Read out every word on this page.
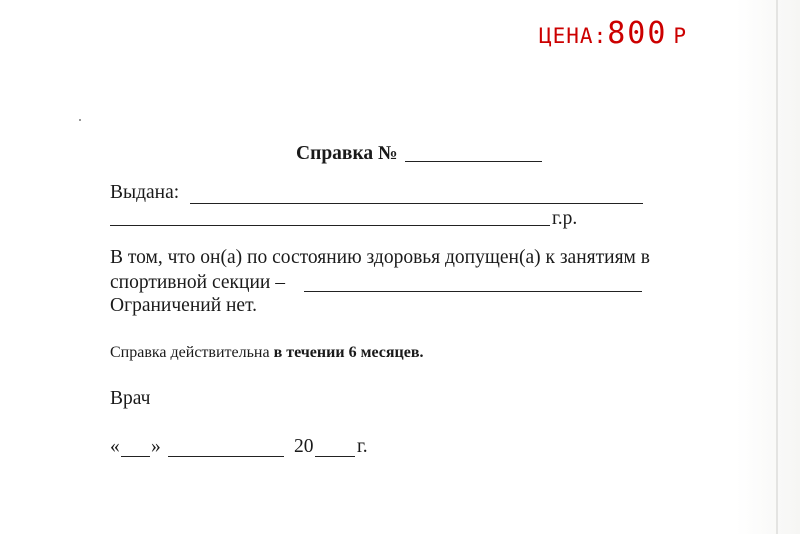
ЦЕНА:800 Р
Справка №
Выдана:
г.р.
В том, что он(а) по состоянию здоровья допущен(а) к занятиям в
спортивной секции –
Ограничений нет.
Справка действительна в течении 6 месяцев.
Врач
« »	20 г.
